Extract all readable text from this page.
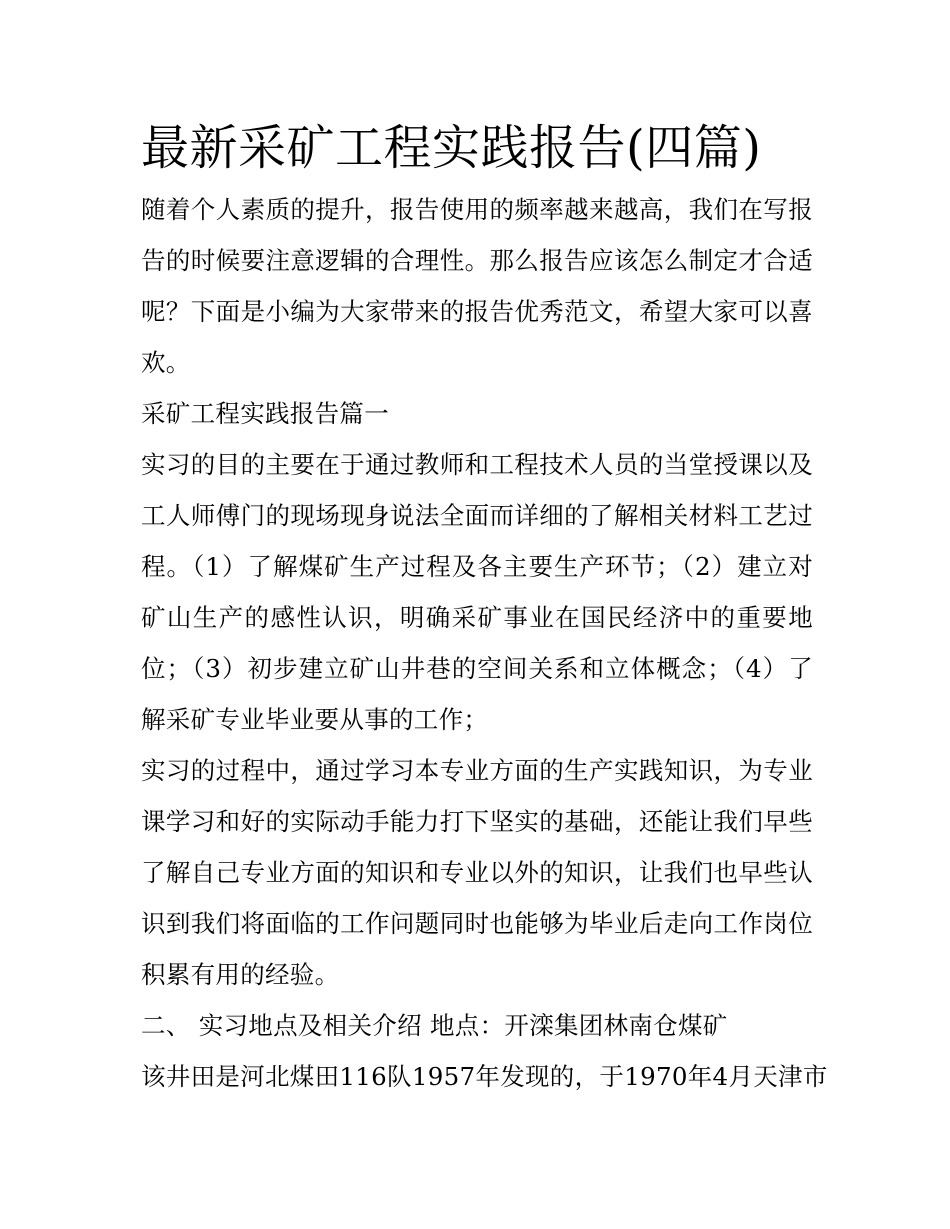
最新采矿工程实践报告(四篇)

随着个人素质的提升，报告使用的频率越来越高，我们在写报告的时候要注意逻辑的合理性。那么报告应该怎么制定才合适呢？下面是小编为大家带来的报告优秀范文，希望大家可以喜欢。

采矿工程实践报告篇一

实习的目的主要在于通过教师和工程技术人员的当堂授课以及工人师傅门的现场现身说法全面而详细的了解相关材料工艺过程。（1）了解煤矿生产过程及各主要生产环节；（2）建立对矿山生产的感性认识，明确采矿事业在国民经济中的重要地位；（3）初步建立矿山井巷的空间关系和立体概念；（4）了解采矿专业毕业要从事的工作；

实习的过程中，通过学习本专业方面的生产实践知识，为专业课学习和好的实际动手能力打下坚实的基础，还能让我们早些了解自己专业方面的知识和专业以外的知识，让我们也早些认识到我们将面临的工作问题同时也能够为毕业后走向工作岗位积累有用的经验。

二、 实习地点及相关介绍 地点：开滦集团林南仓煤矿

该井田是河北煤田116队1957年发现的，于1970年4月天津市
